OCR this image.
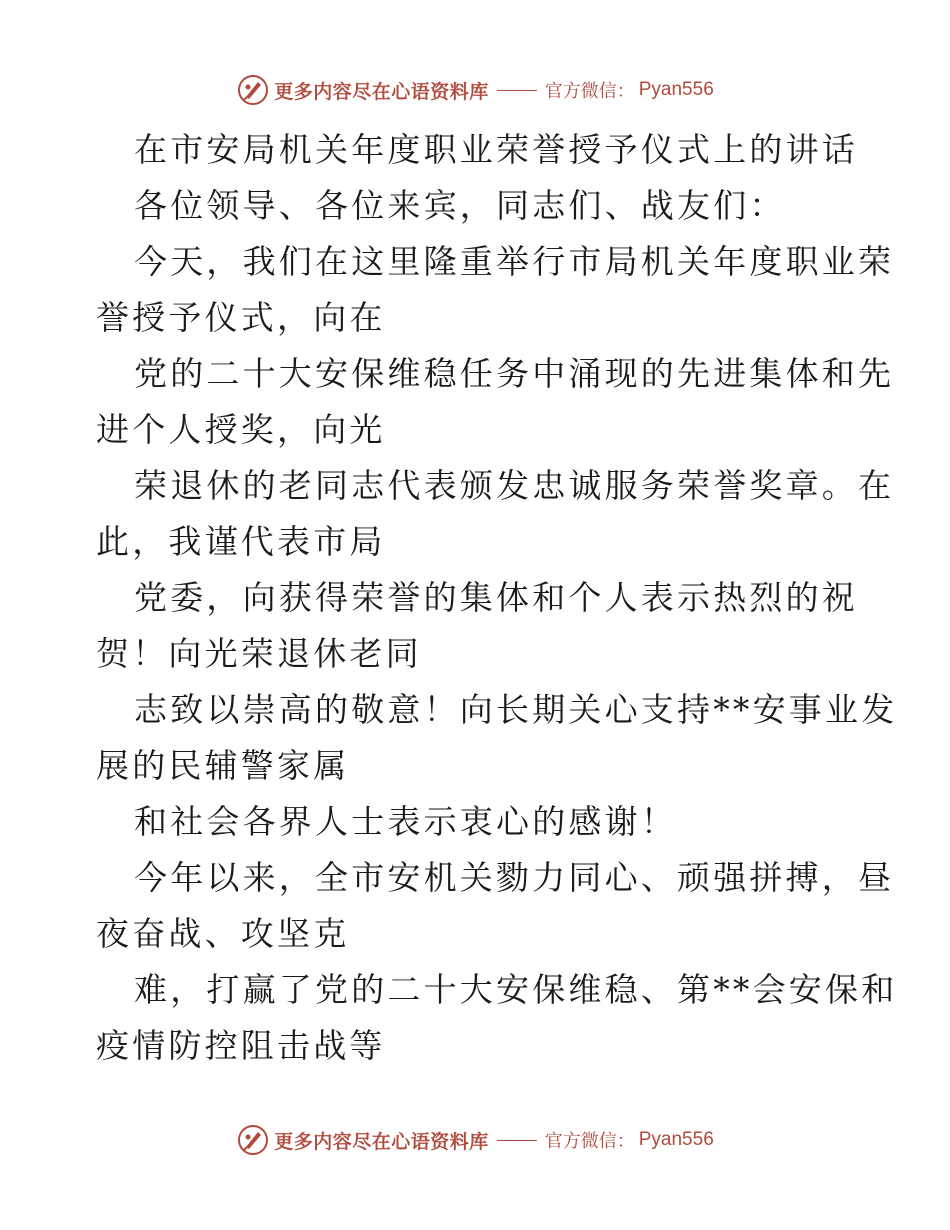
更多内容尽在心语资料库	官方微信： Pyan556
在市安局机关年度职业荣誉授予仪式上的讲话
各位领导、各位来宾，同志们、战友们：
今天，我们在这里隆重举行市局机关年度职业荣
誉授予仪式，向在
党的二十大安保维稳任务中涌现的先进集体和先
进个人授奖，向光
荣退休的老同志代表颁发忠诚服务荣誉奖章。在
此，我谨代表市局
党委，向获得荣誉的集体和个人表示热烈的祝
贺！向光荣退休老同
志致以崇高的敬意！向长期关心支持**安事业发
展的民辅警家属
和社会各界人士表示衷心的感谢！
今年以来，全市安机关勠力同心、顽强拼搏，昼
夜奋战、攻坚克
难，打赢了党的二十大安保维稳、第**会安保和
疫情防控阻击战等
更多内容尽在心语资料库	官方微信： Pyan556
